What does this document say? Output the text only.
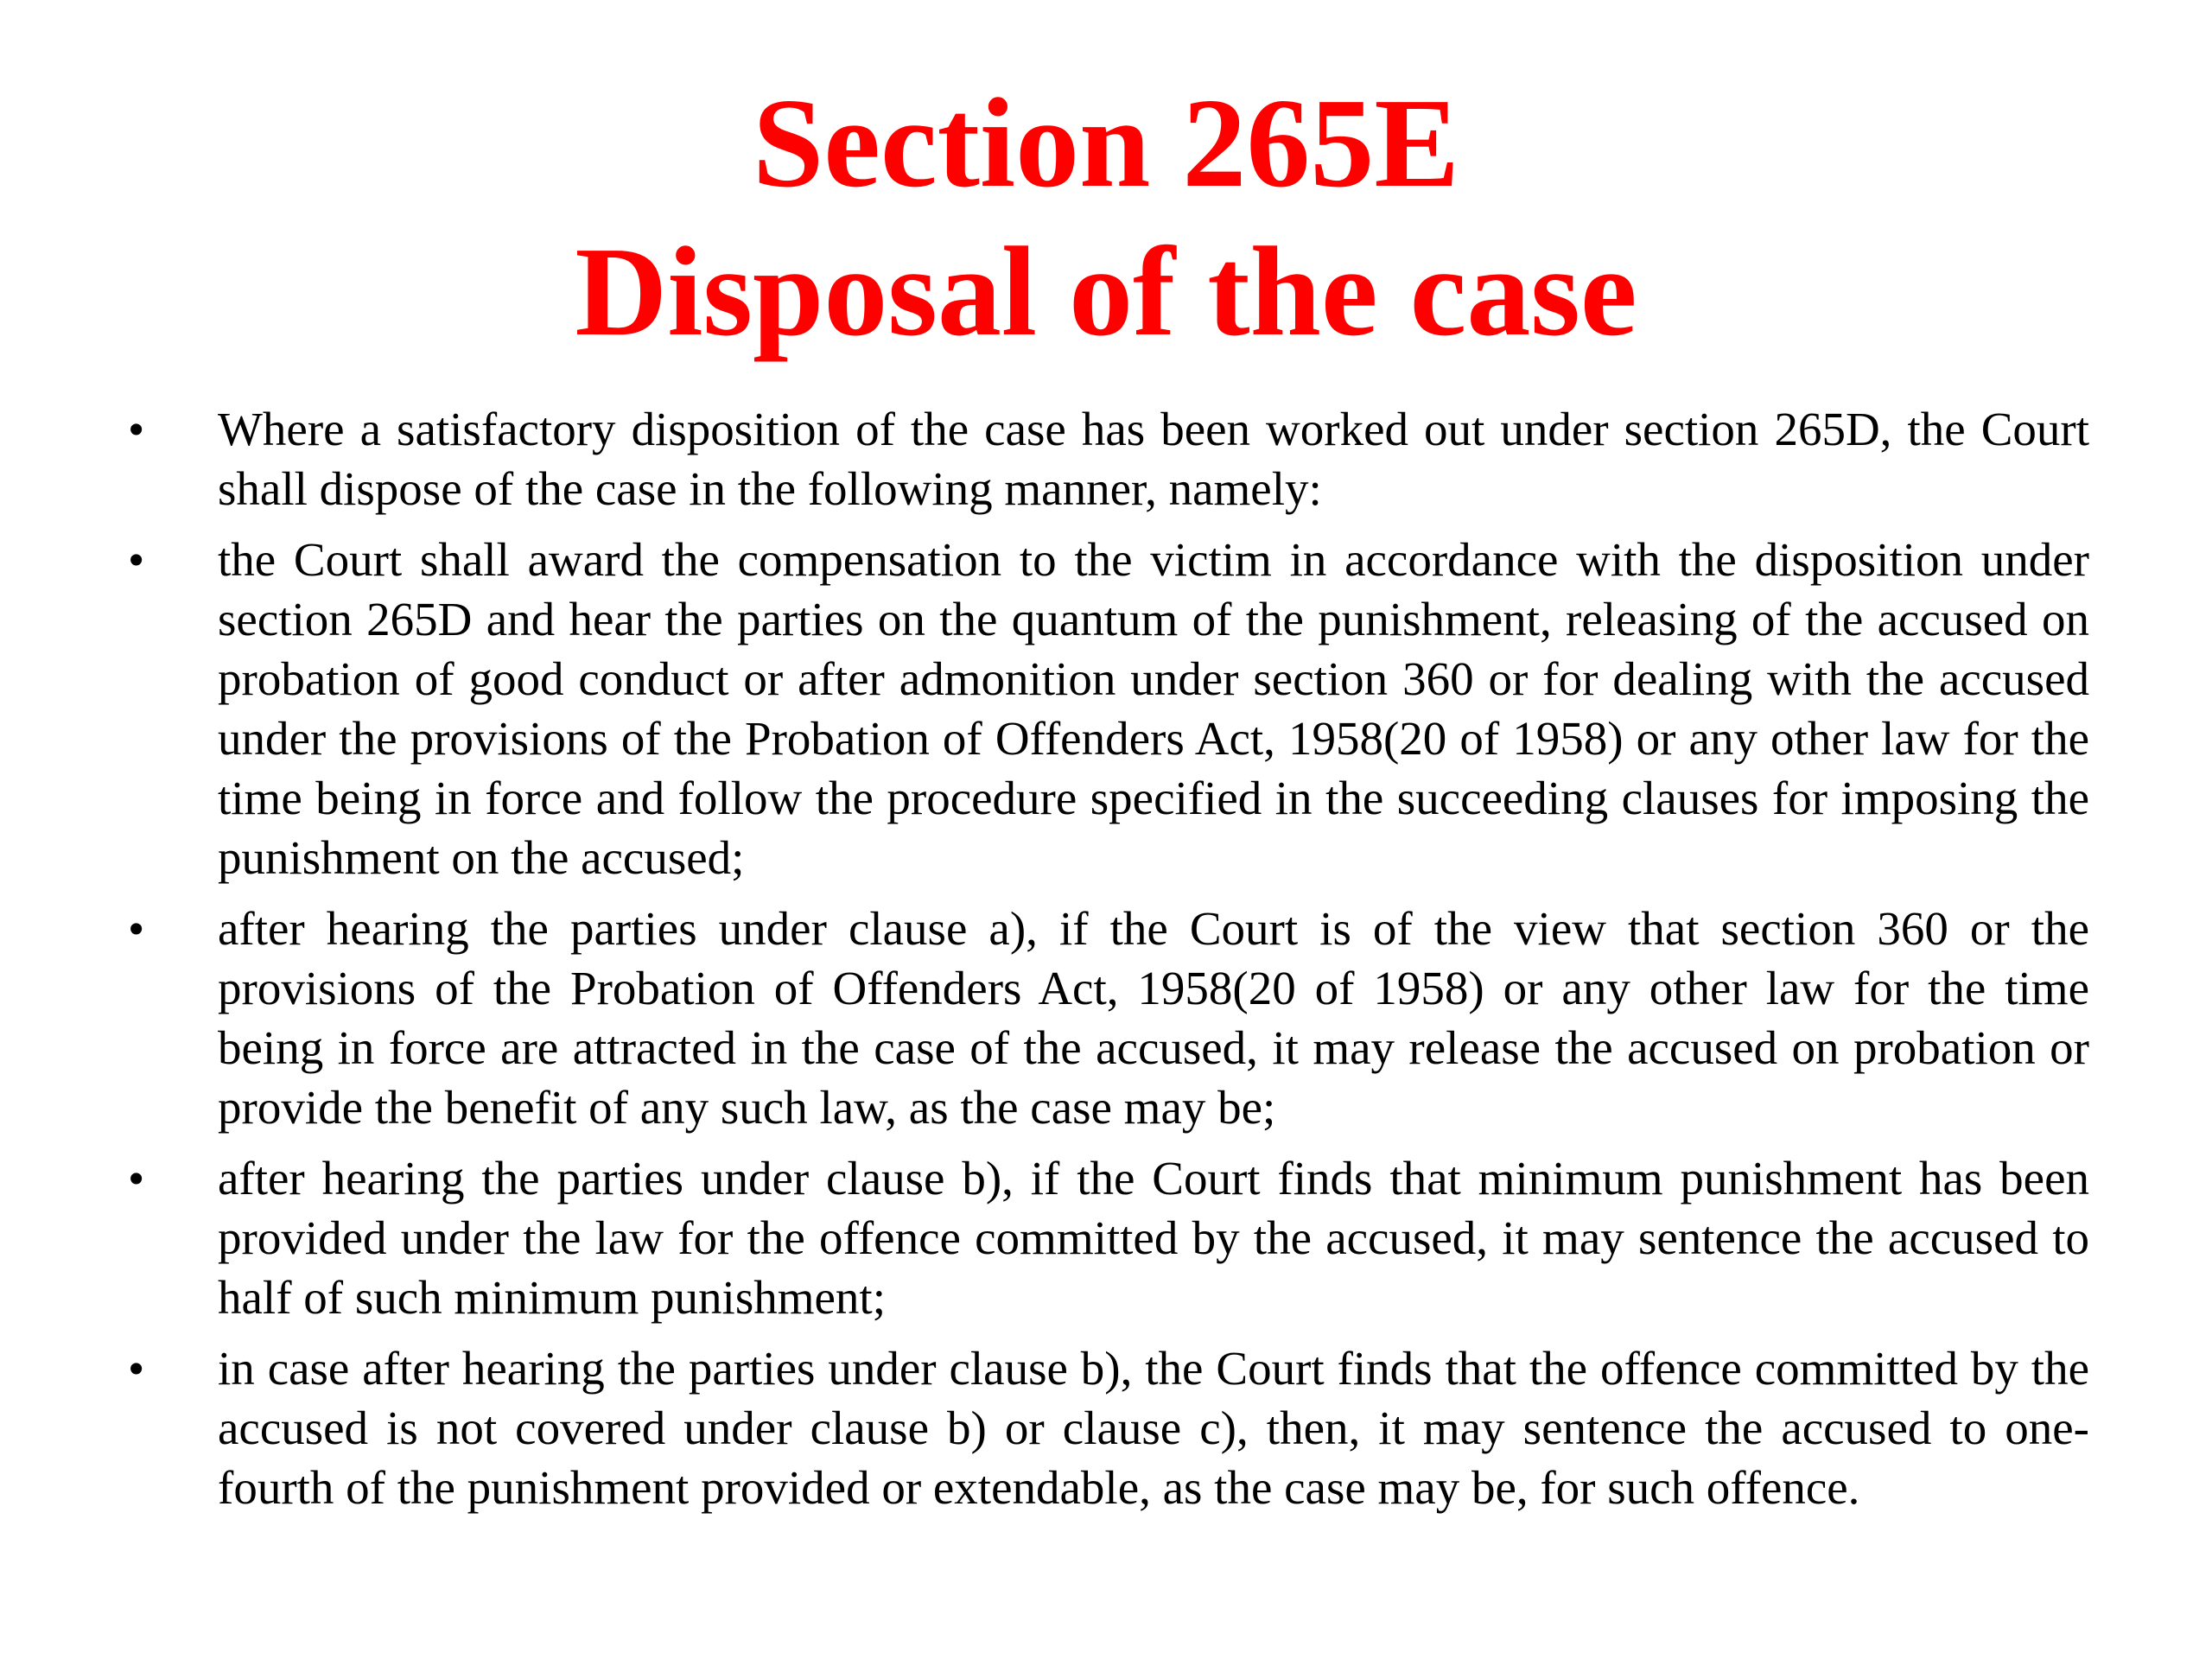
Section 265E
Disposal of the case
• Where a satisfactory disposition of the case has been worked out under section 265D, the Court shall dispose of the case in the following manner, namely:
• the Court shall award the compensation to the victim in accordance with the disposition under section 265D and hear the parties on the quantum of the punishment, releasing of the accused on probation of good conduct or after admonition under section 360 or for dealing with the accused under the provisions of the Probation of Offenders Act, 1958(20 of 1958) or any other law for the time being in force and follow the procedure specified in the succeeding clauses for imposing the punishment on the accused;
• after hearing the parties under clause a), if the Court is of the view that section 360 or the provisions of the Probation of Offenders Act, 1958(20 of 1958) or any other law for the time being in force are attracted in the case of the accused, it may release the accused on probation or provide the benefit of any such law, as the case may be;
• after hearing the parties under clause b), if the Court finds that minimum punishment has been provided under the law for the offence committed by the accused, it may sentence the accused to half of such minimum punishment;
• in case after hearing the parties under clause b), the Court finds that the offence committed by the accused is not covered under clause b) or clause c), then, it may sentence the accused to one-fourth of the punishment provided or extendable, as the case may be, for such offence.
